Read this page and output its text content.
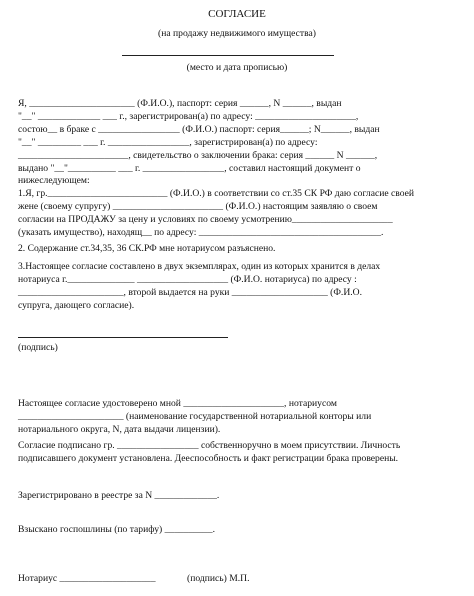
СОГЛАСИЕ
(на продажу недвижимого имущества)
(место и дата прописью)
Я, ______________________ (Ф.И.О.), паспорт: серия ______, N ______, выдан
"__" _____________ ___ г., зарегистрирован(а) по адресу: _____________________,
состою__ в браке с _________________ (Ф.И.О.) паспорт: серия______; N______, выдан
"__" _________ ___ г. _________________, зарегистрирован(а) по адресу:
_______________________, свидетельство о заключении брака: серия ______ N ______,
выдано "__"__________ ___ г. _________________, составил настоящий документ о
нижеследующем:
1.Я, гр._________________________ (Ф.И.О.) в соответствии со ст.35 СК РФ даю согласие своей
жене (своему супругу) _______________________ (Ф.И.О.) настоящим заявляю о своем
согласии на ПРОДАЖУ за цену и условиях по своему усмотрению_____________________
(указать имущество), находящ__ по адресу: ______________________________________.
2. Содержание ст.34,35, 36 СК.РФ мне нотариусом разъяснено.
3.Настоящее согласие составлено в двух экземплярах, один из которых хранится в делах
нотариуса г.______________ ___________________ (Ф.И.О. нотариуса) по адресу :
______________________, второй выдается на руки ____________________ (Ф.И.О.
супруга, дающего согласие).
(подпись)
Настоящее согласие удостоверено мной _____________________, нотариусом
______________________ (наименование государственной нотариальной конторы или
нотариального округа, N, дата выдачи лицензии).
Согласие подписано гр. _________________ собственноручно в моем присутствии. Личность
подписавшего документ установлена. Дееспособность и факт регистрации брака проверены.
Зарегистрировано в реестре за N _____________.
Взыскано госпошлины (по тарифу) __________.
Нотариус ____________________	(подпись) М.П.
